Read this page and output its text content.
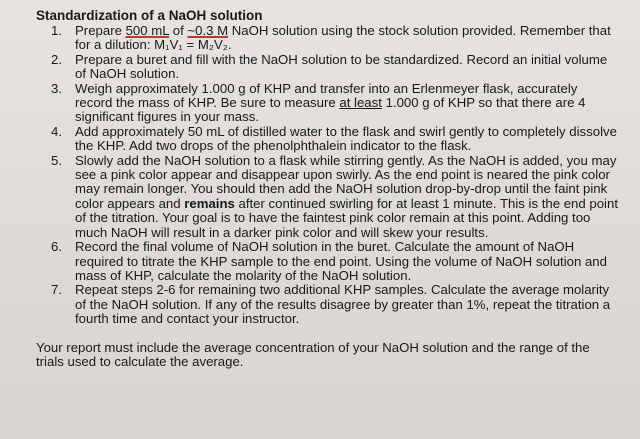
Standardization of a NaOH solution
1. Prepare 500 mL of ~0.3 M NaOH solution using the stock solution provided. Remember that for a dilution: M₁V₁ = M₂V₂.
2. Prepare a buret and fill with the NaOH solution to be standardized. Record an initial volume of NaOH solution.
3. Weigh approximately 1.000 g of KHP and transfer into an Erlenmeyer flask, accurately record the mass of KHP. Be sure to measure at least 1.000 g of KHP so that there are 4 significant figures in your mass.
4. Add approximately 50 mL of distilled water to the flask and swirl gently to completely dissolve the KHP. Add two drops of the phenolphthalein indicator to the flask.
5. Slowly add the NaOH solution to a flask while stirring gently. As the NaOH is added, you may see a pink color appear and disappear upon swirly. As the end point is neared the pink color may remain longer. You should then add the NaOH solution drop-by-drop until the faint pink color appears and remains after continued swirling for at least 1 minute. This is the end point of the titration. Your goal is to have the faintest pink color remain at this point. Adding too much NaOH will result in a darker pink color and will skew your results.
6. Record the final volume of NaOH solution in the buret. Calculate the amount of NaOH required to titrate the KHP sample to the end point. Using the volume of NaOH solution and mass of KHP, calculate the molarity of the NaOH solution.
7. Repeat steps 2-6 for remaining two additional KHP samples. Calculate the average molarity of the NaOH solution. If any of the results disagree by greater than 1%, repeat the titration a fourth time and contact your instructor.
Your report must include the average concentration of your NaOH solution and the range of the trials used to calculate the average.
